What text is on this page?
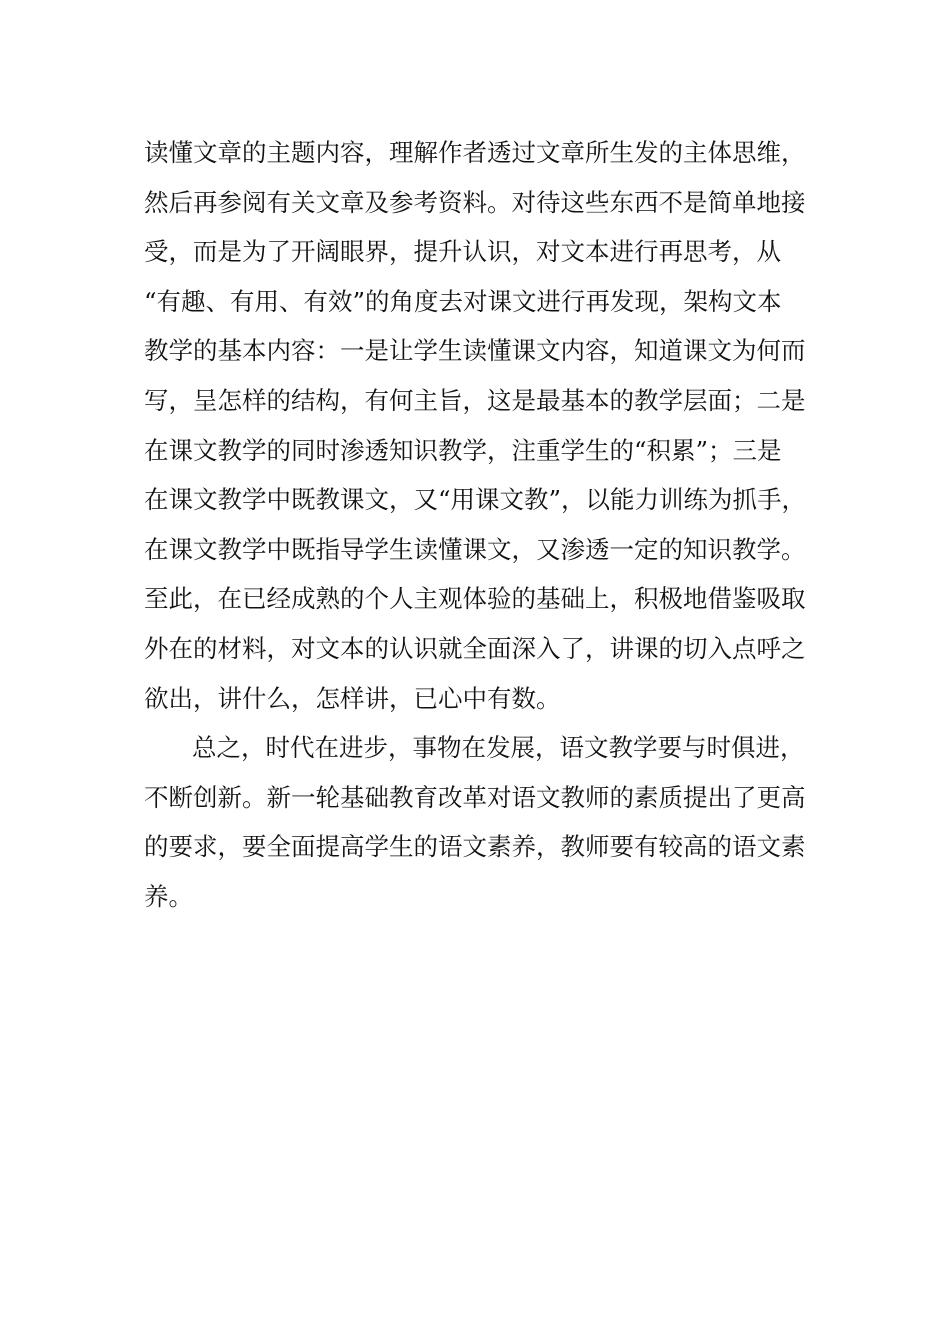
读懂文章的主题内容，理解作者透过文章所生发的主体思维，
然后再参阅有关文章及参考资料。对待这些东西不是简单地接
受，而是为了开阔眼界，提升认识，对文本进行再思考，从
“有趣、有用、有效”的角度去对课文进行再发现，架构文本
教学的基本内容：一是让学生读懂课文内容，知道课文为何而
写，呈怎样的结构，有何主旨，这是最基本的教学层面；二是
在课文教学的同时渗透知识教学，注重学生的“积累”；三是
在课文教学中既教课文，又“用课文教”，以能力训练为抓手，
在课文教学中既指导学生读懂课文，又渗透一定的知识教学。
至此，在已经成熟的个人主观体验的基础上，积极地借鉴吸取
外在的材料，对文本的认识就全面深入了，讲课的切入点呼之
欲出，讲什么，怎样讲，已心中有数。
总之，时代在进步，事物在发展，语文教学要与时俱进，
不断创新。新一轮基础教育改革对语文教师的素质提出了更高
的要求，要全面提高学生的语文素养，教师要有较高的语文素
养。
